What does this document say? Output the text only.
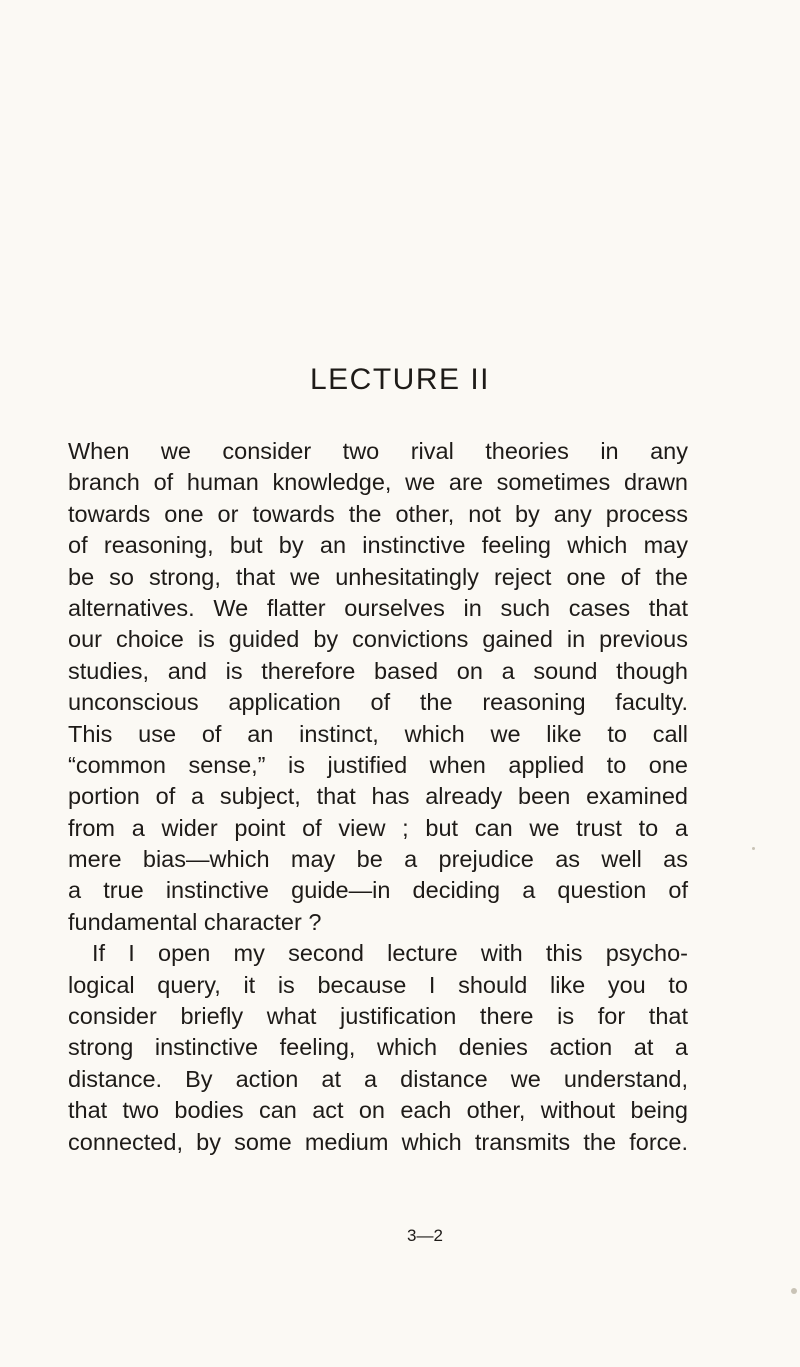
LECTURE II
When we consider two rival theories in any
branch of human knowledge, we are sometimes drawn
towards one or towards the other, not by any process
of reasoning, but by an instinctive feeling which may
be so strong, that we unhesitatingly reject one of the
alternatives. We flatter ourselves in such cases that
our choice is guided by convictions gained in previous
studies, and is therefore based on a sound though
unconscious application of the reasoning faculty.
This use of an instinct, which we like to call
“common sense,” is justified when applied to one
portion of a subject, that has already been examined
from a wider point of view ; but can we trust to a
mere bias—which may be a prejudice as well as
a true instinctive guide—in deciding a question of
fundamental character ?
If I open my second lecture with this psycho-
logical query, it is because I should like you to
consider briefly what justification there is for that
strong instinctive feeling, which denies action at a
distance. By action at a distance we understand,
that two bodies can act on each other, without being
connected, by some medium which transmits the force.
3—2
